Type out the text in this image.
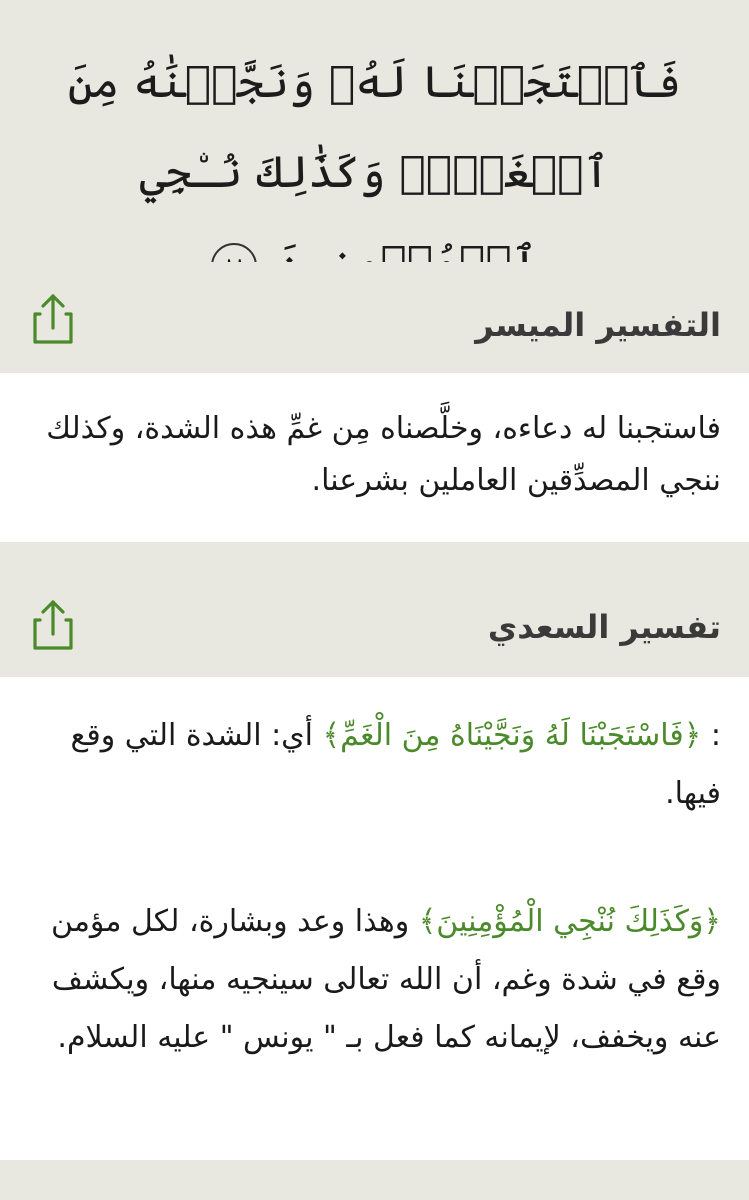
فَٱسۡتَجَبۡنَا لَهُۥ وَنَجَّيۡنَٰهُ مِنَ ٱلۡغَمِّۚ وَكَذَٰلِكَ نُـۨجِي
التفسير الميسر

فاستجبنا له دعاءه، وخلَّصناه مِن غمِّ هذه الشدة، وكذلك ننجي المصدِّقين العاملين بشرعنا.

تفسير السعدي

: ﴿فَاسْتَجَبْنَا لَهُ وَنَجَّيْنَاهُ مِنَ الْغَمِّ﴾ أي: الشدة التي وقع فيها.

﴿وَكَذَلِكَ نُنْجِي الْمُؤْمِنِينَ﴾ وهذا وعد وبشارة، لكل مؤمن وقع في شدة وغم، أن الله تعالى سينجيه منها، ويكشف عنه ويخفف، لإيمانه كما فعل بـ " يونس " عليه السلام.
